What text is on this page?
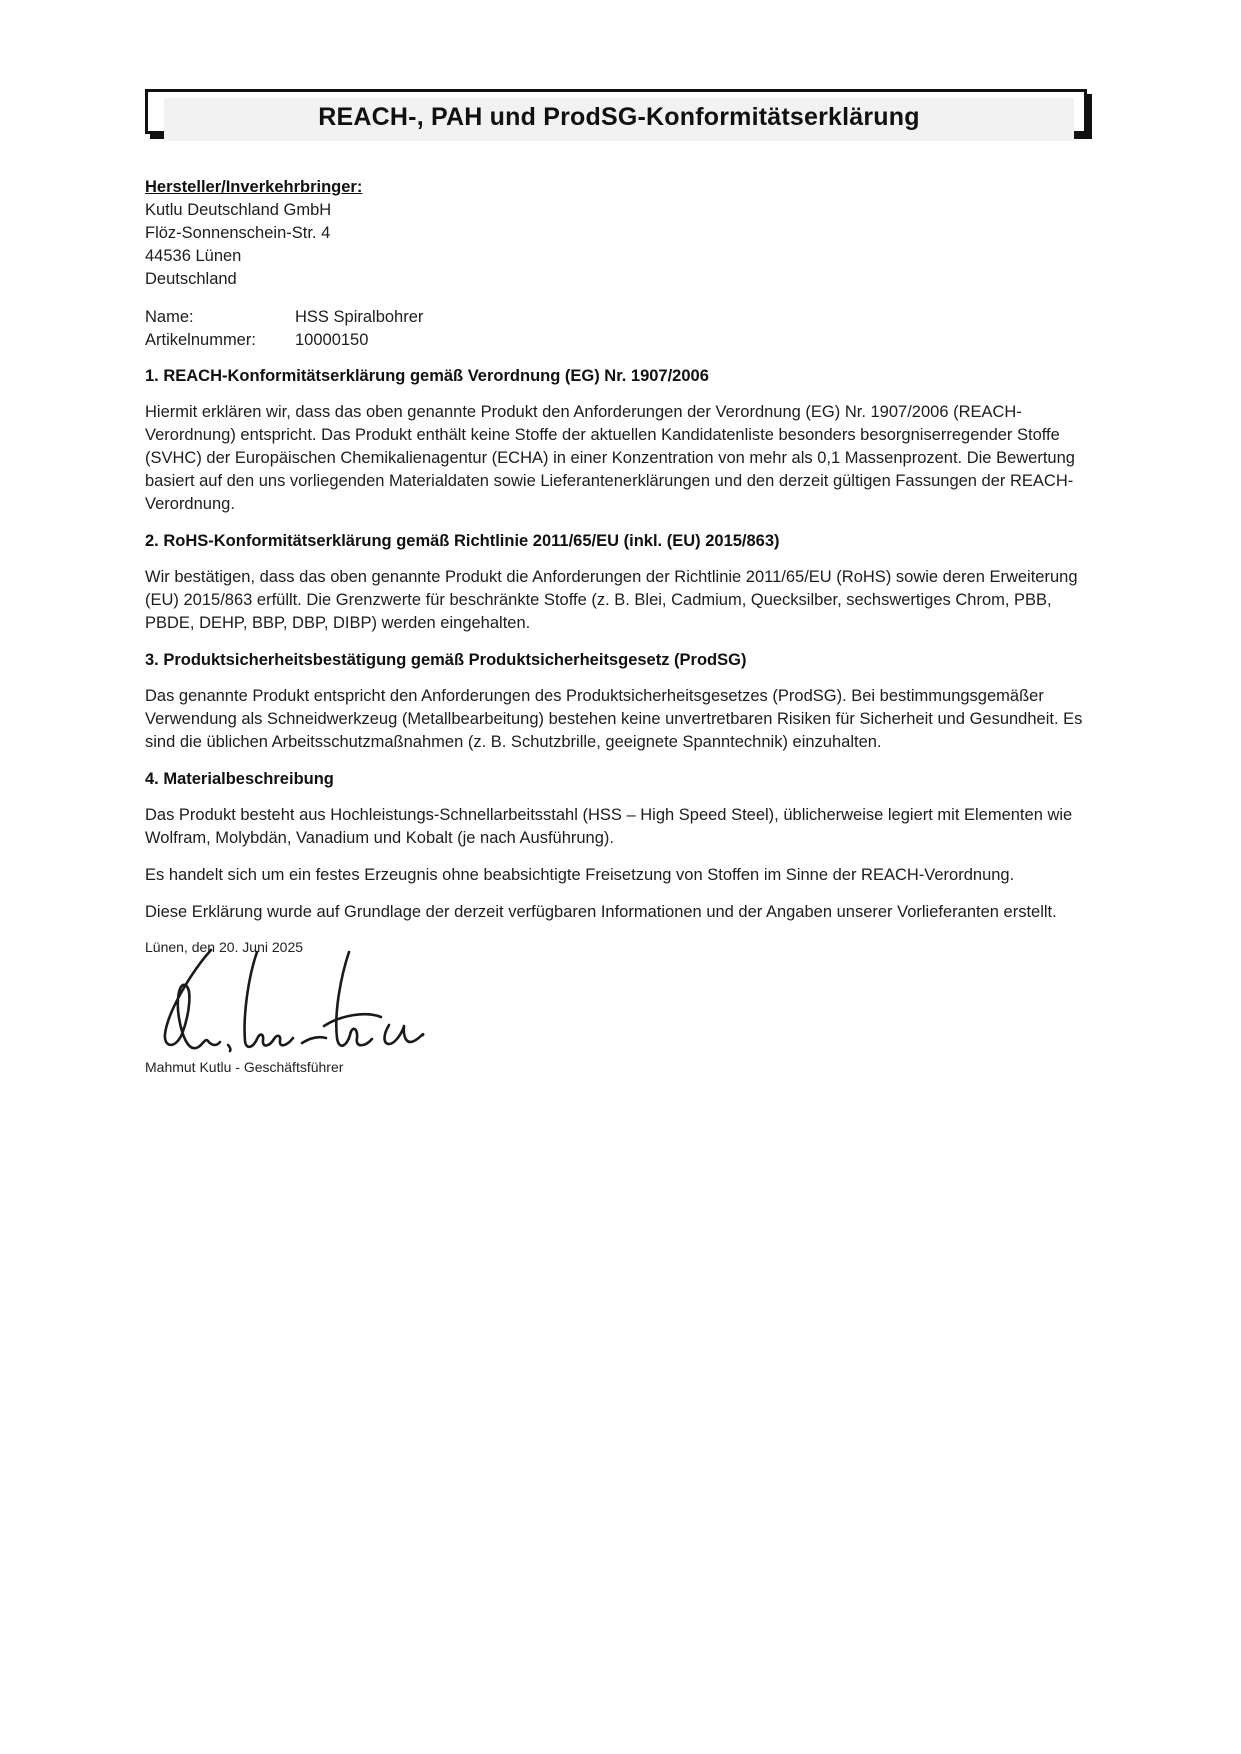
REACH-, PAH und ProdSG-Konformitätserklärung
Hersteller/Inverkehrbringer:
Kutlu Deutschland GmbH
Flöz-Sonnenschein-Str. 4
44536 Lünen
Deutschland
Name:	HSS Spiralbohrer
Artikelnummer:	10000150
1. REACH-Konformitätserklärung gemäß Verordnung (EG) Nr. 1907/2006

Hiermit erklären wir, dass das oben genannte Produkt den Anforderungen der Verordnung (EG) Nr. 1907/2006 (REACH-Verordnung) entspricht. Das Produkt enthält keine Stoffe der aktuellen Kandidatenliste besonders besorgniserregender Stoffe (SVHC) der Europäischen Chemikalienagentur (ECHA) in einer Konzentration von mehr als 0,1 Massenprozent. Die Bewertung basiert auf den uns vorliegenden Materialdaten sowie Lieferantenerklärungen und den derzeit gültigen Fassungen der REACH-Verordnung.

2. RoHS-Konformitätserklärung gemäß Richtlinie 2011/65/EU (inkl. (EU) 2015/863)

Wir bestätigen, dass das oben genannte Produkt die Anforderungen der Richtlinie 2011/65/EU (RoHS) sowie deren Erweiterung (EU) 2015/863 erfüllt. Die Grenzwerte für beschränkte Stoffe (z. B. Blei, Cadmium, Quecksilber, sechswertiges Chrom, PBB, PBDE, DEHP, BBP, DBP, DIBP) werden eingehalten.

3. Produktsicherheitsbestätigung gemäß Produktsicherheitsgesetz (ProdSG)

Das genannte Produkt entspricht den Anforderungen des Produktsicherheitsgesetzes (ProdSG). Bei bestimmungsgemäßer Verwendung als Schneidwerkzeug (Metallbearbeitung) bestehen keine unvertretbaren Risiken für Sicherheit und Gesundheit. Es sind die üblichen Arbeitsschutzmaßnahmen (z. B. Schutzbrille, geeignete Spanntechnik) einzuhalten.

4. Materialbeschreibung

Das Produkt besteht aus Hochleistungs-Schnellarbeitsstahl (HSS – High Speed Steel), üblicherweise legiert mit Elementen wie Wolfram, Molybdän, Vanadium und Kobalt (je nach Ausführung).

Es handelt sich um ein festes Erzeugnis ohne beabsichtigte Freisetzung von Stoffen im Sinne der REACH-Verordnung.

Diese Erklärung wurde auf Grundlage der derzeit verfügbaren Informationen und der Angaben unserer Vorlieferanten erstellt.

Lünen, den 20. Juni 2025
Mahmut Kutlu - Geschäftsführer
